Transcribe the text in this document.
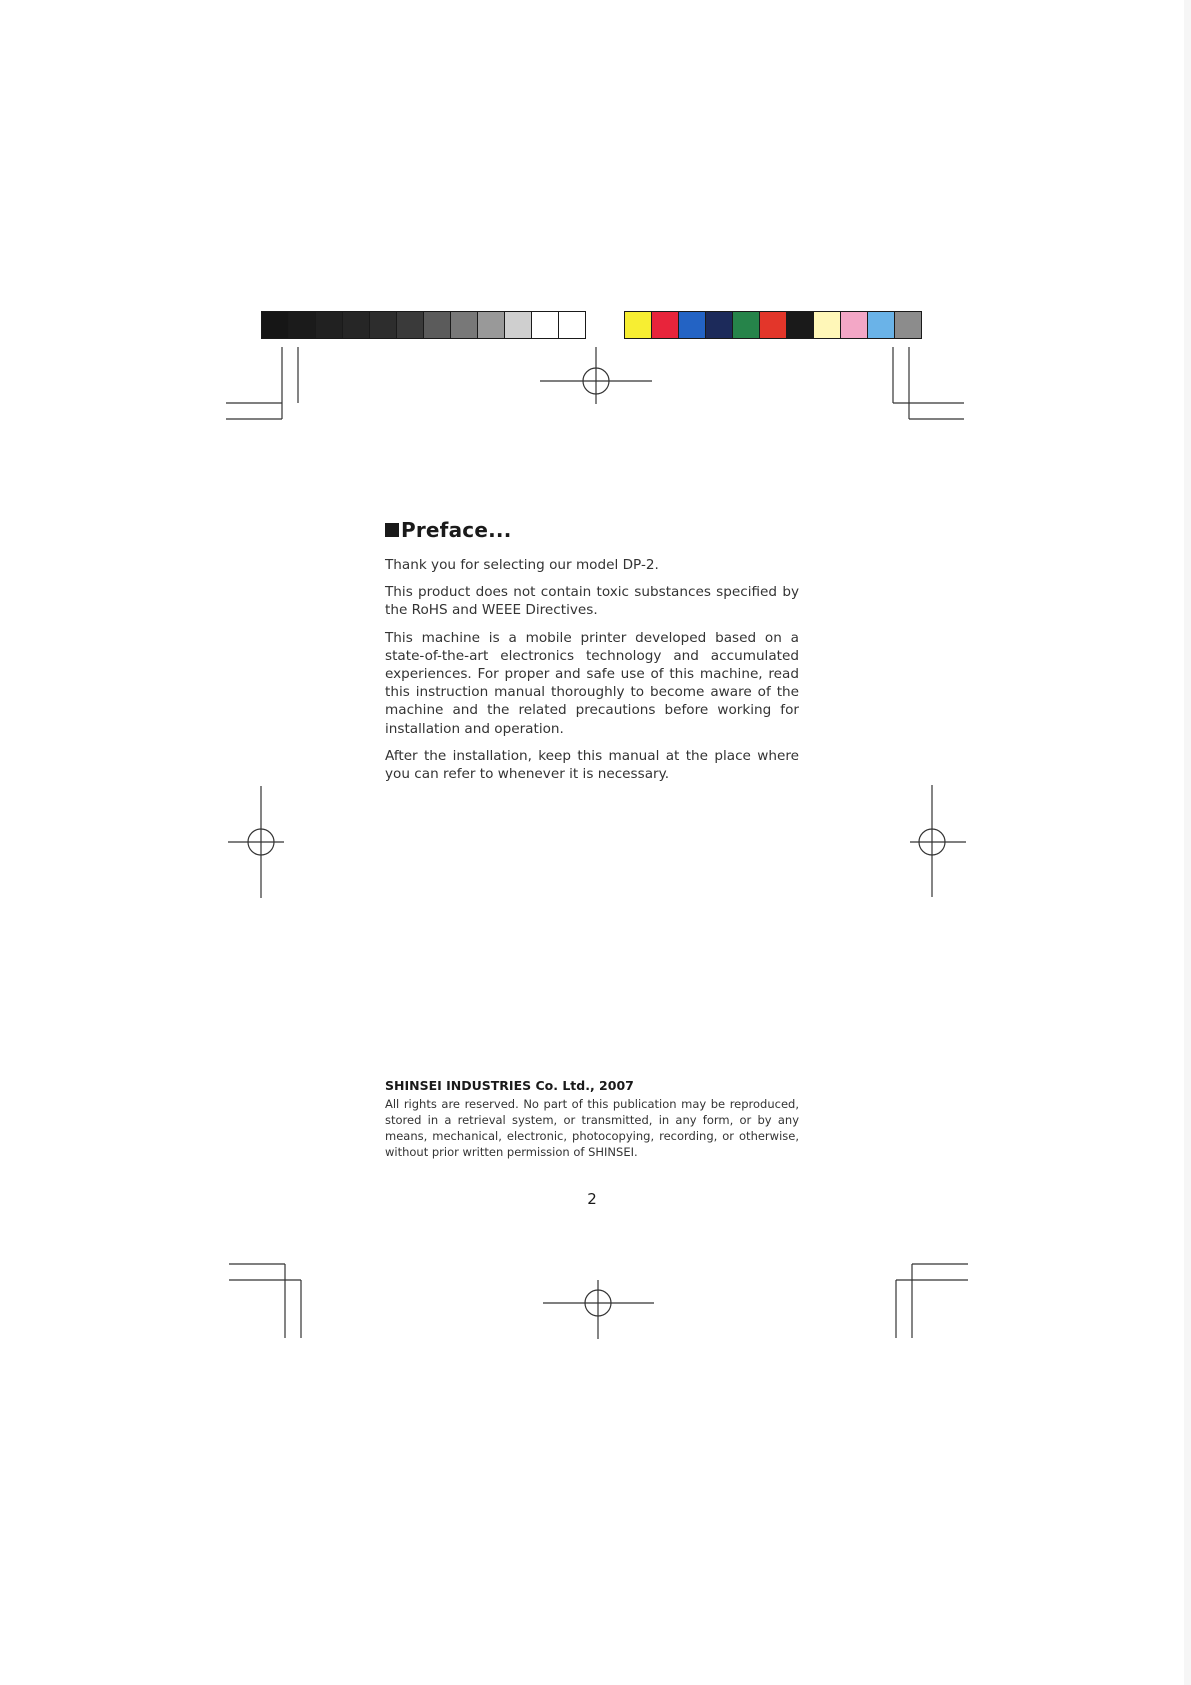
Preface...

Thank you for selecting our model DP-2.

This product does not contain toxic substances specified by the RoHS and WEEE Directives.

This machine is a mobile printer developed based on a state-of-the-art electronics technology and accumulated experiences. For proper and safe use of this machine, read this instruction manual thoroughly to become aware of the machine and the related precautions before working for installation and operation.

After the installation, keep this manual at the place where you can refer to whenever it is necessary.

SHINSEI INDUSTRIES Co. Ltd., 2007

All rights are reserved. No part of this publication may be reproduced, stored in a retrieval system, or transmitted, in any form, or by any means, mechanical, electronic, photocopying, recording, or otherwise, without prior written permission of SHINSEI.

2
